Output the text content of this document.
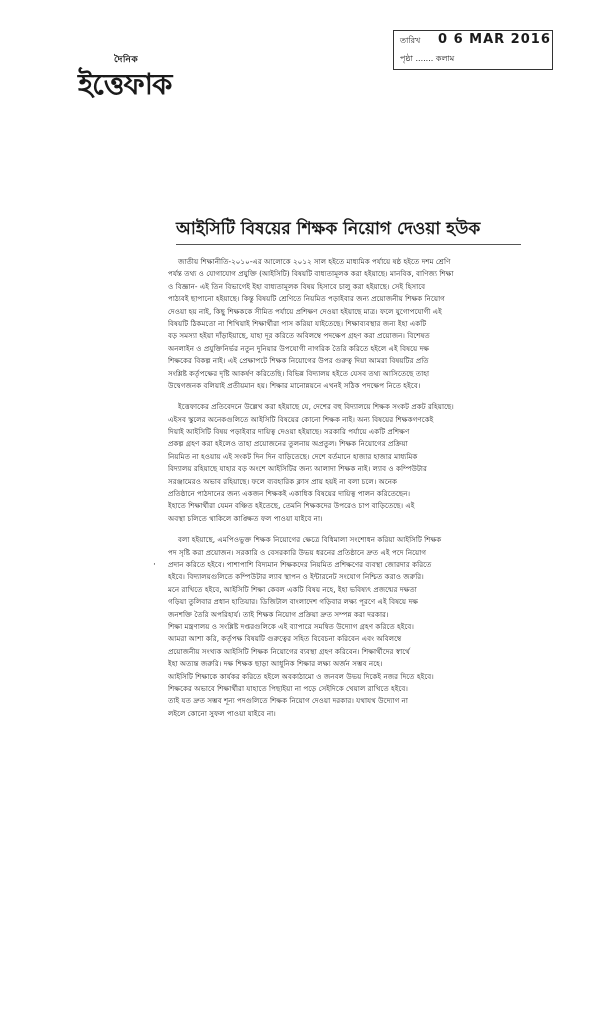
দৈনিক
ইত্তেফাক
তারিখ 0 6 MAR 2016
পৃষ্ঠা ....... কলাম
আইসিটি বিষয়ের শিক্ষক নিয়োগ দেওয়া হউক
·
জাতীয় শিক্ষানীতি-২০১০-এর আলোকে ২০১২ সাল হইতে মাধ্যমিক পর্যায়ে ষষ্ঠ হইতে দশম শ্রেণি
পর্যন্ত তথ্য ও যোগাযোগ প্রযুক্তি (আইসিটি) বিষয়টি বাধ্যতামূলক করা হইয়াছে। মানবিক, বাণিজ্য শিক্ষা
ও বিজ্ঞান- এই তিন বিভাগেই ইহা বাধ্যতামূলক বিষয় হিসাবে চালু করা হইয়াছে। সেই হিসাবে
পাঠ্যবই ছাপানো হইয়াছে। কিন্তু বিষয়টি শ্রেণিতে নিয়মিত পড়াইবার জন্য প্রয়োজনীয় শিক্ষক নিয়োগ
দেওয়া হয় নাই, কিছু শিক্ষককে সীমিত পর্যায়ে প্রশিক্ষণ দেওয়া হইয়াছে মাত্র। ফলে যুগোপযোগী এই
বিষয়টি ঠিকমতো না শিখিয়াই শিক্ষার্থীরা পাস করিয়া যাইতেছে। শিক্ষাব্যবস্থার জন্য ইহা একটি
বড় সমস্যা হইয়া দাঁড়াইয়াছে, যাহা দূর করিতে অবিলম্বে পদক্ষেপ গ্রহণ করা প্রয়োজন। বিশেষত
অনলাইন ও প্রযুক্তিনির্ভর নতুন দুনিয়ার উপযোগী নাগরিক তৈরি করিতে হইলে এই বিষয়ে দক্ষ
শিক্ষকের বিকল্প নাই। এই প্রেক্ষাপটে শিক্ষক নিয়োগের উপর গুরুত্ব দিয়া আমরা বিষয়টির প্রতি
সংশ্লিষ্ট কর্তৃপক্ষের দৃষ্টি আকর্ষণ করিতেছি। বিভিন্ন বিদ্যালয় হইতে যেসব তথ্য আসিতেছে তাহা
উদ্বেগজনক বলিয়াই প্রতীয়মান হয়। শিক্ষার মানোন্নয়নে এখনই সঠিক পদক্ষেপ নিতে হইবে।
ইত্তেফাকের প্রতিবেদনে উল্লেখ করা হইয়াছে যে, দেশের বহু বিদ্যালয়ে শিক্ষক সংকট প্রকট রহিয়াছে।
এইসব স্কুলের অনেকগুলিতে আইসিটি বিষয়ের কোনো শিক্ষক নাই। অন্য বিষয়ের শিক্ষকগণকেই
দিয়াই আইসিটি বিষয় পড়াইবার দায়িত্ব দেওয়া হইয়াছে। সরকারি পর্যায়ে একটি প্রশিক্ষণ
প্রকল্প গ্রহণ করা হইলেও তাহা প্রয়োজনের তুলনায় অপ্রতুল। শিক্ষক নিয়োগের প্রক্রিয়া
নিয়মিত না হওয়ায় এই সংকট দিন দিন বাড়িতেছে। দেশে বর্তমানে হাজার হাজার মাধ্যমিক
বিদ্যালয় রহিয়াছে যাহার বড় অংশে আইসিটির জন্য আলাদা শিক্ষক নাই। ল্যাব ও কম্পিউটার
সরঞ্জামেরও অভাব রহিয়াছে। ফলে ব্যবহারিক ক্লাস প্রায় হয়ই না বলা চলে। অনেক
প্রতিষ্ঠানে পাঠদানের জন্য একজন শিক্ষকই একাধিক বিষয়ের দায়িত্ব পালন করিতেছেন।
ইহাতে শিক্ষার্থীরা যেমন বঞ্চিত হইতেছে, তেমনি শিক্ষকদের উপরেও চাপ বাড়িতেছে। এই
অবস্থা চলিতে থাকিলে কাঙ্ক্ষিত ফল পাওয়া যাইবে না।
বলা হইয়াছে, এমপিওভুক্ত শিক্ষক নিয়োগের ক্ষেত্রে বিধিমালা সংশোধন করিয়া আইসিটি শিক্ষক
পদ সৃষ্টি করা প্রয়োজন। সরকারি ও বেসরকারি উভয় ধরনের প্রতিষ্ঠানে দ্রুত এই পদে নিয়োগ
প্রদান করিতে হইবে। পাশাপাশি বিদ্যমান শিক্ষকদের নিয়মিত প্রশিক্ষণের ব্যবস্থা জোরদার করিতে
হইবে। বিদ্যালয়গুলিতে কম্পিউটার ল্যাব স্থাপন ও ইন্টারনেট সংযোগ নিশ্চিত করাও জরুরি।
মনে রাখিতে হইবে, আইসিটি শিক্ষা কেবল একটি বিষয় নহে, ইহা ভবিষ্যৎ প্রজন্মের দক্ষতা
গড়িয়া তুলিবার প্রধান হাতিয়ার। ডিজিটাল বাংলাদেশ গড়িবার লক্ষ্য পূরণে এই বিষয়ে দক্ষ
জনশক্তি তৈরি অপরিহার্য। তাই শিক্ষক নিয়োগ প্রক্রিয়া দ্রুত সম্পন্ন করা দরকার।
শিক্ষা মন্ত্রণালয় ও সংশ্লিষ্ট দপ্তরগুলিকে এই ব্যাপারে সমন্বিত উদ্যোগ গ্রহণ করিতে হইবে।
আমরা আশা করি, কর্তৃপক্ষ বিষয়টি গুরুত্বের সহিত বিবেচনা করিবেন এবং অবিলম্বে
প্রয়োজনীয় সংখ্যক আইসিটি শিক্ষক নিয়োগের ব্যবস্থা গ্রহণ করিবেন। শিক্ষার্থীদের স্বার্থে
ইহা অত্যন্ত জরুরি। দক্ষ শিক্ষক ছাড়া আধুনিক শিক্ষার লক্ষ্য অর্জন সম্ভব নহে।
আইসিটি শিক্ষাকে কার্যকর করিতে হইলে অবকাঠামো ও জনবল উভয় দিকেই নজর দিতে হইবে।
শিক্ষকের অভাবে শিক্ষার্থীরা যাহাতে পিছাইয়া না পড়ে সেইদিকে খেয়াল রাখিতে হইবে।
তাই যত দ্রুত সম্ভব শূন্য পদগুলিতে শিক্ষক নিয়োগ দেওয়া দরকার। যথাযথ উদ্যোগ না
লইলে কোনো সুফল পাওয়া যাইবে না।
